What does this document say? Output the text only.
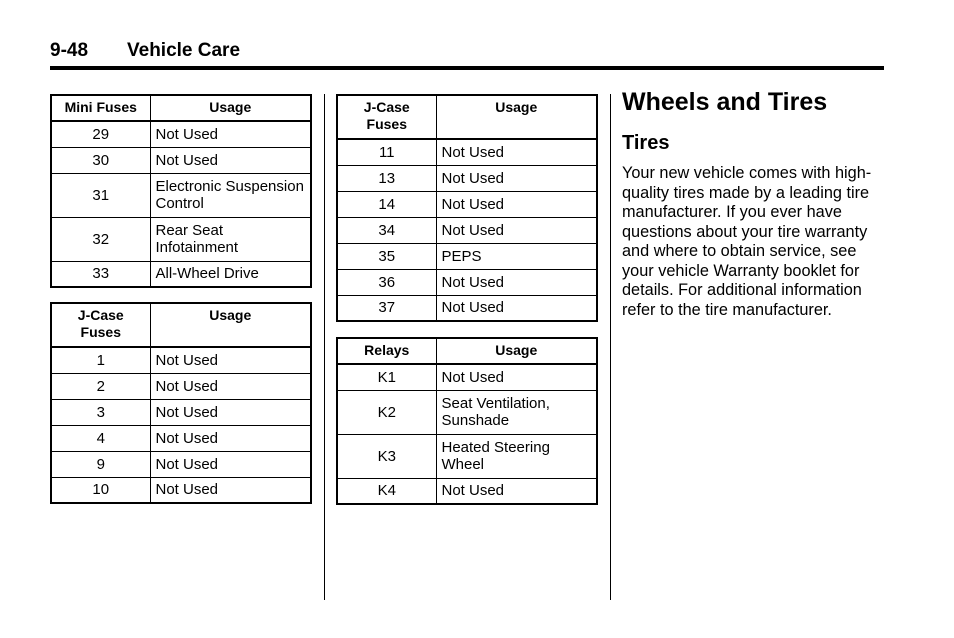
9-48 Vehicle Care
Mini Fuses	Usage
29	Not Used
30	Not Used
31	Electronic Suspension Control
32	Rear Seat Infotainment
33	All-Wheel Drive
J-Case Fuses	Usage
1	Not Used
2	Not Used
3	Not Used
4	Not Used
9	Not Used
10	Not Used
J-Case Fuses	Usage
11	Not Used
13	Not Used
14	Not Used
34	Not Used
35	PEPS
36	Not Used
37	Not Used
Relays	Usage
K1	Not Used
K2	Seat Ventilation, Sunshade
K3	Heated Steering Wheel
K4	Not Used
Wheels and Tires
Tires

Your new vehicle comes with high-quality tires made by a leading tire manufacturer. If you ever have questions about your tire warranty and where to obtain service, see your vehicle Warranty booklet for details. For additional information refer to the tire manufacturer.
